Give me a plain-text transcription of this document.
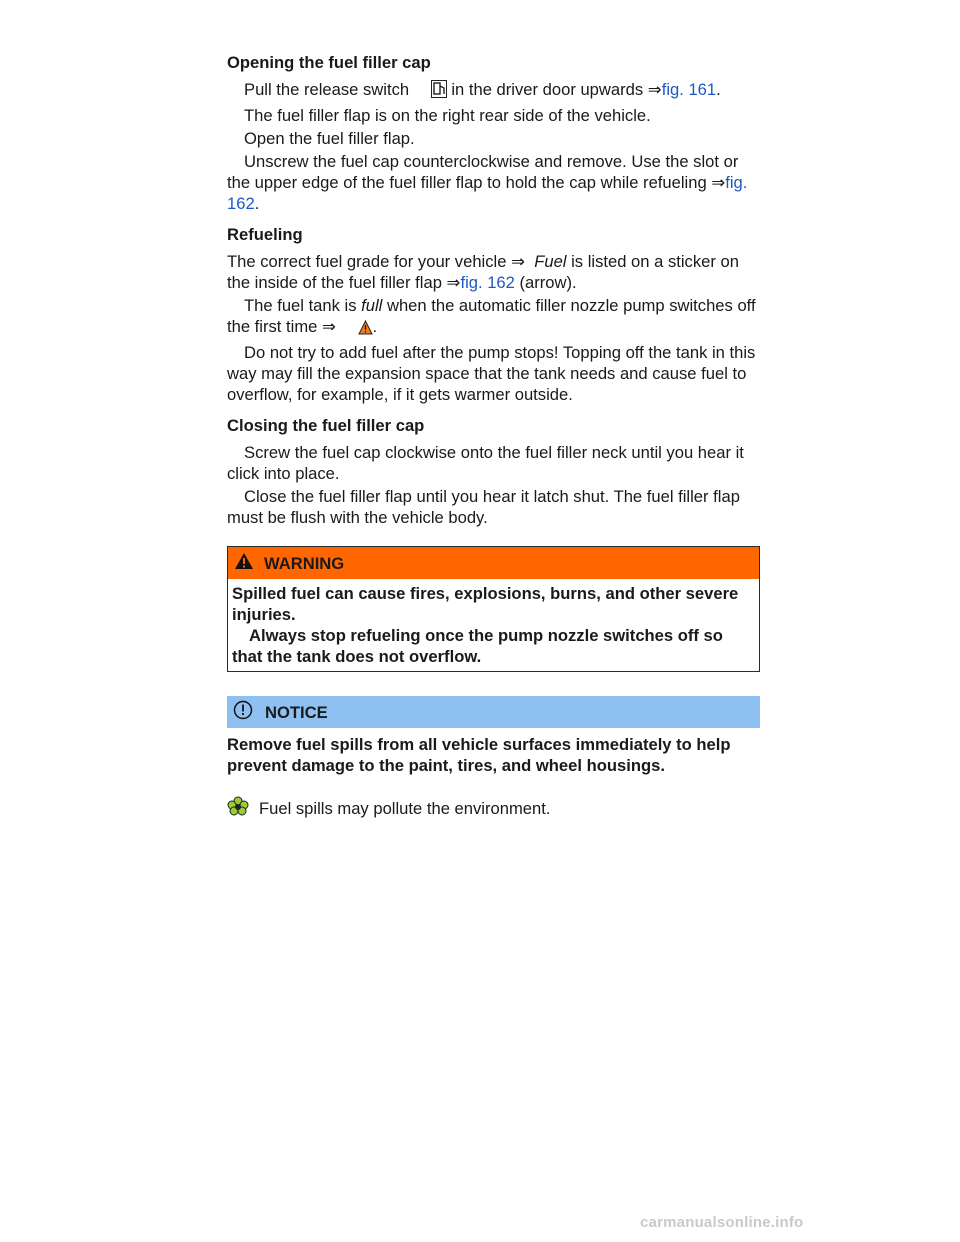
Opening the fuel filler cap
Pull the release switch  in the driver door upwards ⇒fig. 161.
The fuel filler flap is on the right rear side of the vehicle.
Open the fuel filler flap.
Unscrew the fuel cap counterclockwise and remove. Use the slot or the upper edge of the fuel filler flap to hold the cap while refueling ⇒fig. 162.
Refueling
The correct fuel grade for your vehicle ⇒ Fuel is listed on a sticker on the inside of the fuel filler flap ⇒fig. 162 (arrow).
The fuel tank is full when the automatic filler nozzle pump switches off the first time ⇒ .
Do not try to add fuel after the pump stops! Topping off the tank in this way may fill the expansion space that the tank needs and cause fuel to overflow, for example, if it gets warmer outside.
Closing the fuel filler cap
Screw the fuel cap clockwise onto the fuel filler neck until you hear it click into place.
Close the fuel filler flap until you hear it latch shut. The fuel filler flap must be flush with the vehicle body.
WARNING
Spilled fuel can cause fires, explosions, burns, and other severe injuries.
Always stop refueling once the pump nozzle switches off so that the tank does not overflow.
NOTICE
Remove fuel spills from all vehicle surfaces immediately to help prevent damage to the paint, tires, and wheel housings.
Fuel spills may pollute the environment.
carmanualsonline.info
